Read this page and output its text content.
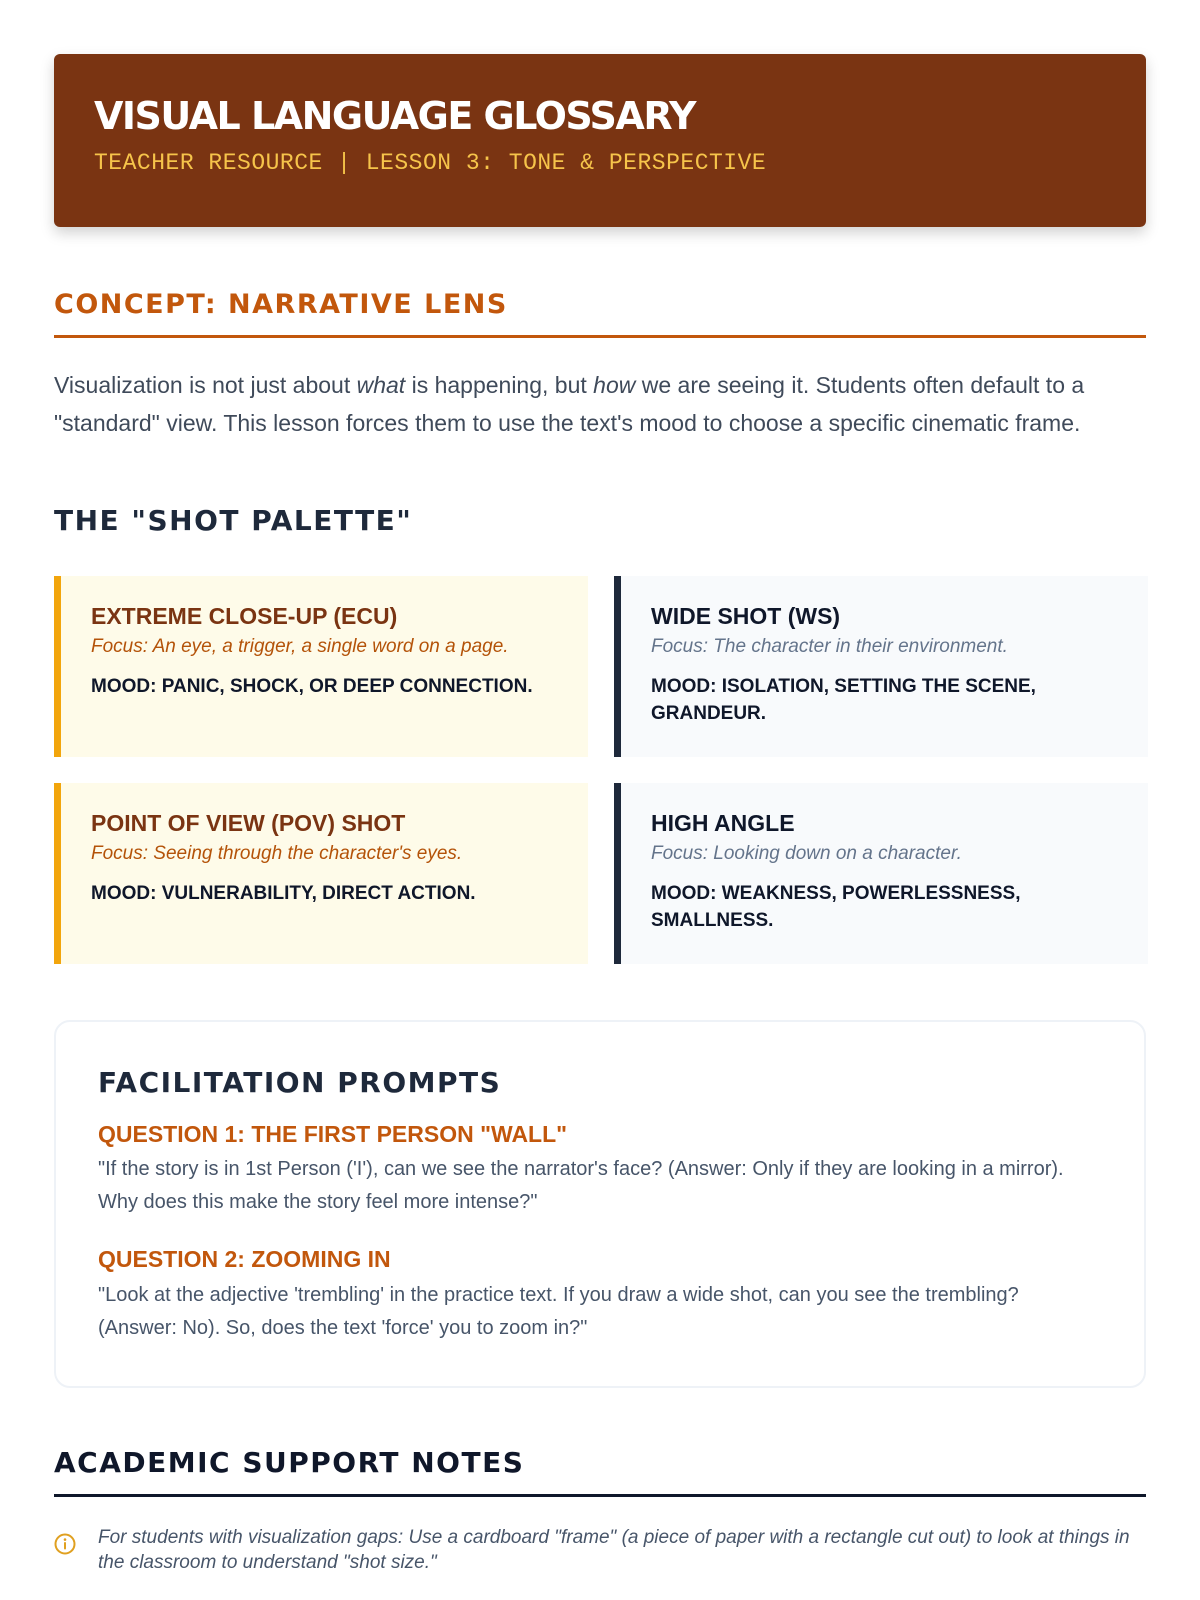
VISUAL LANGUAGE GLOSSARY
TEACHER RESOURCE | LESSON 3: TONE & PERSPECTIVE
CONCEPT: NARRATIVE LENS

Visualization is not just about what is happening, but how we are seeing it. Students often default to a "standard" view. This lesson forces them to use the text's mood to choose a specific cinematic frame.

THE "SHOT PALETTE"
EXTREME CLOSE-UP (ECU)
Focus: An eye, a trigger, a single word on a page.
MOOD: PANIC, SHOCK, OR DEEP CONNECTION.
WIDE SHOT (WS)
Focus: The character in their environment.
MOOD: ISOLATION, SETTING THE SCENE, GRANDEUR.
POINT OF VIEW (POV) SHOT
Focus: Seeing through the character's eyes.
MOOD: VULNERABILITY, DIRECT ACTION.
HIGH ANGLE
Focus: Looking down on a character.
MOOD: WEAKNESS, POWERLESSNESS, SMALLNESS.
FACILITATION PROMPTS
QUESTION 1: THE FIRST PERSON "WALL"
"If the story is in 1st Person ('I'), can we see the narrator's face? (Answer: Only if they are looking in a mirror). Why does this make the story feel more intense?"
QUESTION 2: ZOOMING IN
"Look at the adjective 'trembling' in the practice text. If you draw a wide shot, can you see the trembling? (Answer: No). So, does the text 'force' you to zoom in?"
ACADEMIC SUPPORT NOTES
For students with visualization gaps: Use a cardboard "frame" (a piece of paper with a rectangle cut out) to look at things in the classroom to understand "shot size."
